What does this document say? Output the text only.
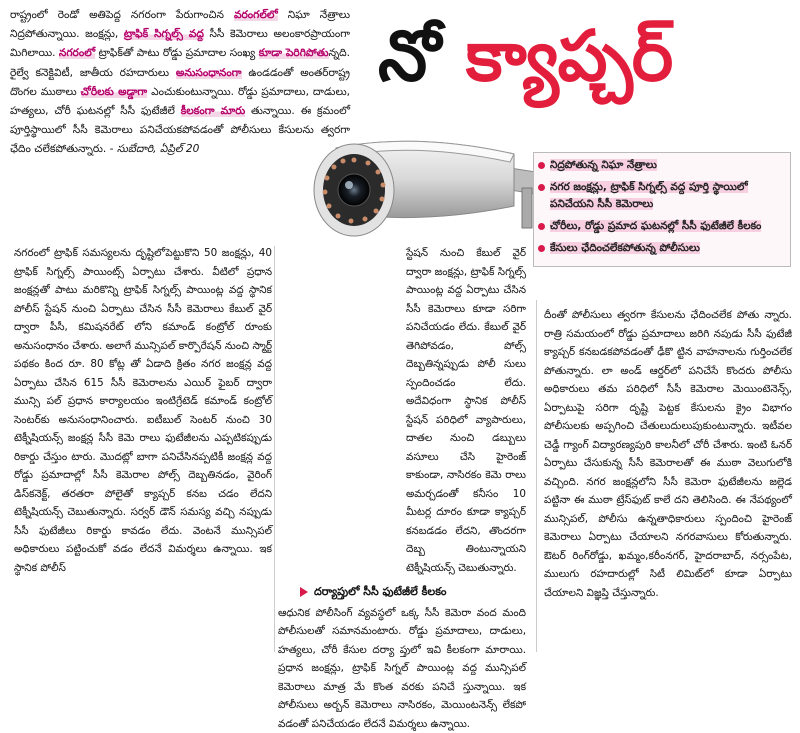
రాష్ట్రంలో రెండో అతిపెద్ద నగరంగా పేరుగాంచిన వరంగల్‌లో నిఘా నేత్రాలు నిద్రపోతున్నాయి. జంక్షన్లు, ట్రాఫిక్ సిగ్నల్స్ వద్ద సీసీ కెమెరాలు అలంకారప్రాయంగా మిగిలాయి. నగరంలో ట్రాఫిక్‌తో పాటు రోడ్డు ప్రమాదాల సంఖ్య కూడా పెరిగిపోతున్నది. రైల్వే కనెక్టివిటీ, జాతీయ రహదారులు అనుసంధానంగా ఉండడంతో అంతర్‌రాష్ట్ర దొంగల ముఠాలు చోరీలకు అడ్డాగా ఎంచుకుంటున్నాయి. రోడ్డు ప్రమాదాలు, దాడులు, హత్యలు, చోరీ ఘటనల్లో సీసీ ఫుటేజీలే కీలకంగా మారు తున్నాయి. ఈ క్రమంలో పూర్తిస్థాయిలో సీసీ కెమెరాలు పనిచేయకపోవడంతో పోలీసులు కేసులను త్వరగా ఛేదిం చలేకపోతున్నారు. - సుబేదారి, ఏప్రిల్ 20
నో క్యాప్చర్
నిద్రపోతున్న నిఘా నేత్రాలు
నగర జంక్షన్లు, ట్రాఫిక్ సిగ్నల్స్ వద్ద పూర్తి స్థాయిలో పనిచేయని సీసీ కెమెరాలు
చోరీలు, రోడ్డు ప్రమాద ఘటనల్లో సీసీ ఫుటేజీలే కీలకం
కేసులు ఛేదించలేకపోతున్న పోలీసులు

నగరంలో ట్రాఫిక్ సమస్యలను దృష్టిలోపెట్టుకొని 50 జంక్షన్లు, 40 ట్రాఫిక్ సిగ్నల్స్ పాయింట్స్ ఏర్పాటు చేశారు. వీటిలో ప్రధాన జంక్షన్లతో పాటు మరికొన్ని ట్రాఫిక్ సిగ్నల్స్ పాయింట్ల వద్ద స్థానిక పోలీస్ స్టేషన్ నుంచి ఏర్పాటు చేసిన సీసీ కెమెరాలు కేబుల్ వైర్ ద్వారా పీసీ, కమిషనరేట్ లోని కమాండ్ కంట్రోల్ రూంకు అనుసంధానం చేశారు. అలాగే మున్సిపల్ కార్పొరేషన్ నుంచి స్మార్ట్ పథకం కింద రూ. 80 కోట్ల తో ఏడాది క్రితం నగర జంక్షన్ల వద్ద ఏర్పాటు చేసిన 615 సీసీ కెమెరాలను ఎయిర్ ఫైబర్ ద్వారా మున్సి పల్ ప్రధాన కార్యాలయం ఇంటిగ్రేటెడ్ కమాండ్ కంట్రోల్ సెంటర్‌కు అనుసంధానించారు. ఐటీబుల్ సెంటర్ నుంచి 30 టెక్నీషియన్స్ జంక్షన్ల సీసీ కెమె రాలు ఫుటేజీలను ఎప్పటికప్పుడు రికార్డు చేస్తుం టారు. మొదట్లో బాగా పనిచేసినప్పటికీ జంక్షన్ల వద్ద రోడ్డు ప్రమాదాల్లో సీసీ కెమెరాల పోల్స్ దెబ్బతినడం, వైరింగ్ డిస్‌కనెక్ట్, తరతరా పోలైతో క్యాప్చర్ కనబ చడం లేదని టెక్నీషియన్స్ చెబుతున్నారు. సర్వర్ డౌన్ సమస్య వచ్చి నప్పుడు సీసీ ఫుటేజీలు రికార్డు కావడం లేదు. వెంటనే మున్సిపల్ అధికారులు పట్టించుకో వడం లేదనే విమర్శలు ఉన్నాయి. ఇక స్థానిక పోలీస్

స్టేషన్ నుంచి కేబుల్ వైర్ ద్వారా జంక్షన్లు, ట్రాఫిక్ సిగ్నల్స్ పాయింట్ల వద్ద ఏర్పాటు చేసిన సీసీ కెమెరాలు కూడా సరిగా పనిచేయడం లేదు. కేబుల్ వైర్ తెగిపోవడం, పోల్స్ దెబ్బతిన్నప్పుడు పోలీ సులు స్పందించడం లేదు. అదేవిధంగా స్థానిక పోలీస్ స్టేషన్ పరిధిలో వ్యాపారులు, దాతల నుంచి డబ్బులు వసూలు చేసి హైరెంజ్ కాకుండా, నాసిరకం కెమె రాలు అమర్చడంతో కనీసం 10 మీటర్ల దూరం కూడా క్యాప్చర్ కనబడడం లేదని, తొందరగా దెబ్బ తింటున్నాయని టెక్నీషియన్స్ చెబుతున్నారు.

దర్యాప్తులో సీసీ ఫుటేజీలే కీలకం

ఆధునిక పోలీసింగ్ వ్యవస్థలో ఒక్క సీసీ కెమెరా వంద మంది పోలీసులతో సమానమంటారు. రోడ్డు ప్రమాదాలు, దాడులు, హత్యలు, చోరీ కేసుల దర్యా ప్తులో ఇవి కీలకంగా మారాయి. ప్రధాన జంక్షన్లు, ట్రాఫిక్ సిగ్నల్ పాయింట్ల వద్ద మున్సిపల్ కెమెరాలు మాత్ర మే కొంత వరకు పనిచే స్తున్నాయి. ఇక పోలీసులు అర్బన్ కెమెరాలు నాసిరకం, మెయింటనెన్స్ లేకపో వడంతో పనిచేయడం లేదనే విమర్శలు ఉన్నాయి.

దీంతో పోలీసులు త్వరగా కేసులను ఛేదించలేక పోతు న్నారు. రాత్రి సమయంలో రోడ్డు ప్రమాదాలు జరిగి నపుడు సీసీ ఫుటేజీ క్యాప్చర్ కనబడకపోవడంతో ఢీకొ ట్టిన వాహనాలను గుర్తించలేక పోతున్నారు. లా అండ్ ఆర్డర్‌లో పనిచేసే కొందరు పోలీసు అధికారులు తమ పరిధిలో సీసీ కెమెరాల మెయింటెనెన్స్, ఏర్పాటుపై సరిగా దృష్టి పెట్టక కేసులను క్రైం విభాగం పోలీసులకు అప్పగించి చేతులుదులుపుకుంటున్నారు. ఇటీవల చెడ్డీ గ్యాంగ్ విద్యారణ్యపురి కాలనీలో చోరీ చేశారు. ఇంటి ఓనర్ ఏర్పాటు చేసుకున్న సీసీ కెమెరాలతో ఈ ముఠా వెలుగులోకి వచ్చింది. నగర జంక్షన్లలోని సీసీ కెమెరా ఫుటేజీలను జల్లెడ పట్టినా ఈ ముఠా ట్రేస్‌ఫుట్ కాలే దని తెలిసింది. ఈ నేపథ్యంలో మున్సిపల్, పోలీసు ఉన్నతాధికారులు స్పందించి హైరెంజ్ కెమెరాలు ఏర్పాటు చేయాలని నగరవాసులు కోరుతున్నారు. ఔటర్ రింగ్‌రోడ్డు, ఖమ్మం,కరీంనగర్, హైదరాబాద్, నర్సంపేట, ములుగు రహదారుల్లో సిటీ లిమిట్‌లో కూడా ఏర్పాటు చేయాలని విజ్ఞప్తి చేస్తున్నారు.
